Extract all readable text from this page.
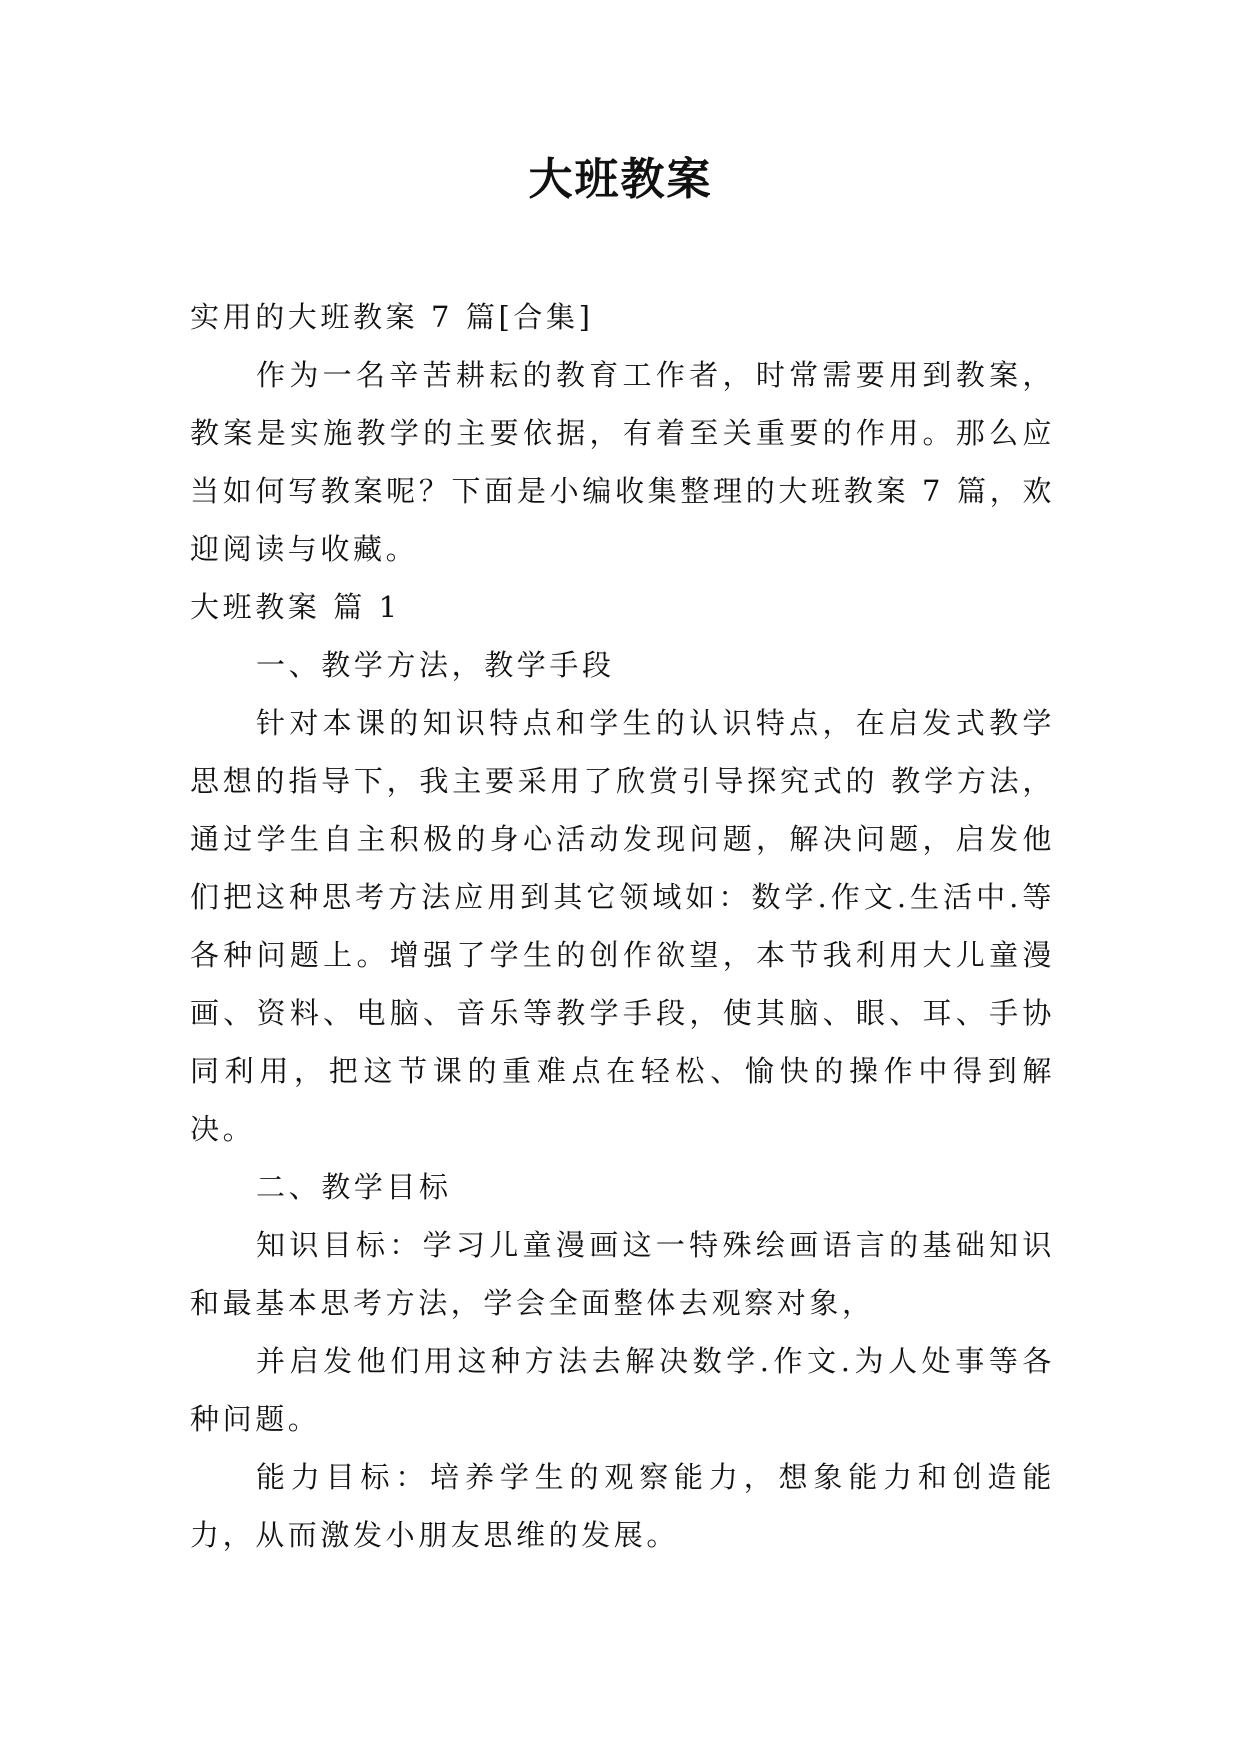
大班教案

实用的大班教案 7 篇[合集]

作为一名辛苦耕耘的教育工作者，时常需要用到教案，教案是实施教学的主要依据，有着至关重要的作用。那么应当如何写教案呢？下面是小编收集整理的大班教案 7 篇，欢迎阅读与收藏。

大班教案 篇 1

一、教学方法，教学手段

针对本课的知识特点和学生的认识特点，在启发式教学思想的指导下，我主要采用了欣赏引导探究式的 教学方法，通过学生自主积极的身心活动发现问题，解决问题，启发他们把这种思考方法应用到其它领域如：数学.作文.生活中.等各种问题上。增强了学生的创作欲望，本节我利用大儿童漫画、资料、电脑、音乐等教学手段，使其脑、眼、耳、手协同利用，把这节课的重难点在轻松、愉快的操作中得到解决。

二、教学目标

知识目标：学习儿童漫画这一特殊绘画语言的基础知识和最基本思考方法，学会全面整体去观察对象，

并启发他们用这种方法去解决数学.作文.为人处事等各种问题。

能力目标：培养学生的观察能力，想象能力和创造能力，从而激发小朋友思维的发展。
